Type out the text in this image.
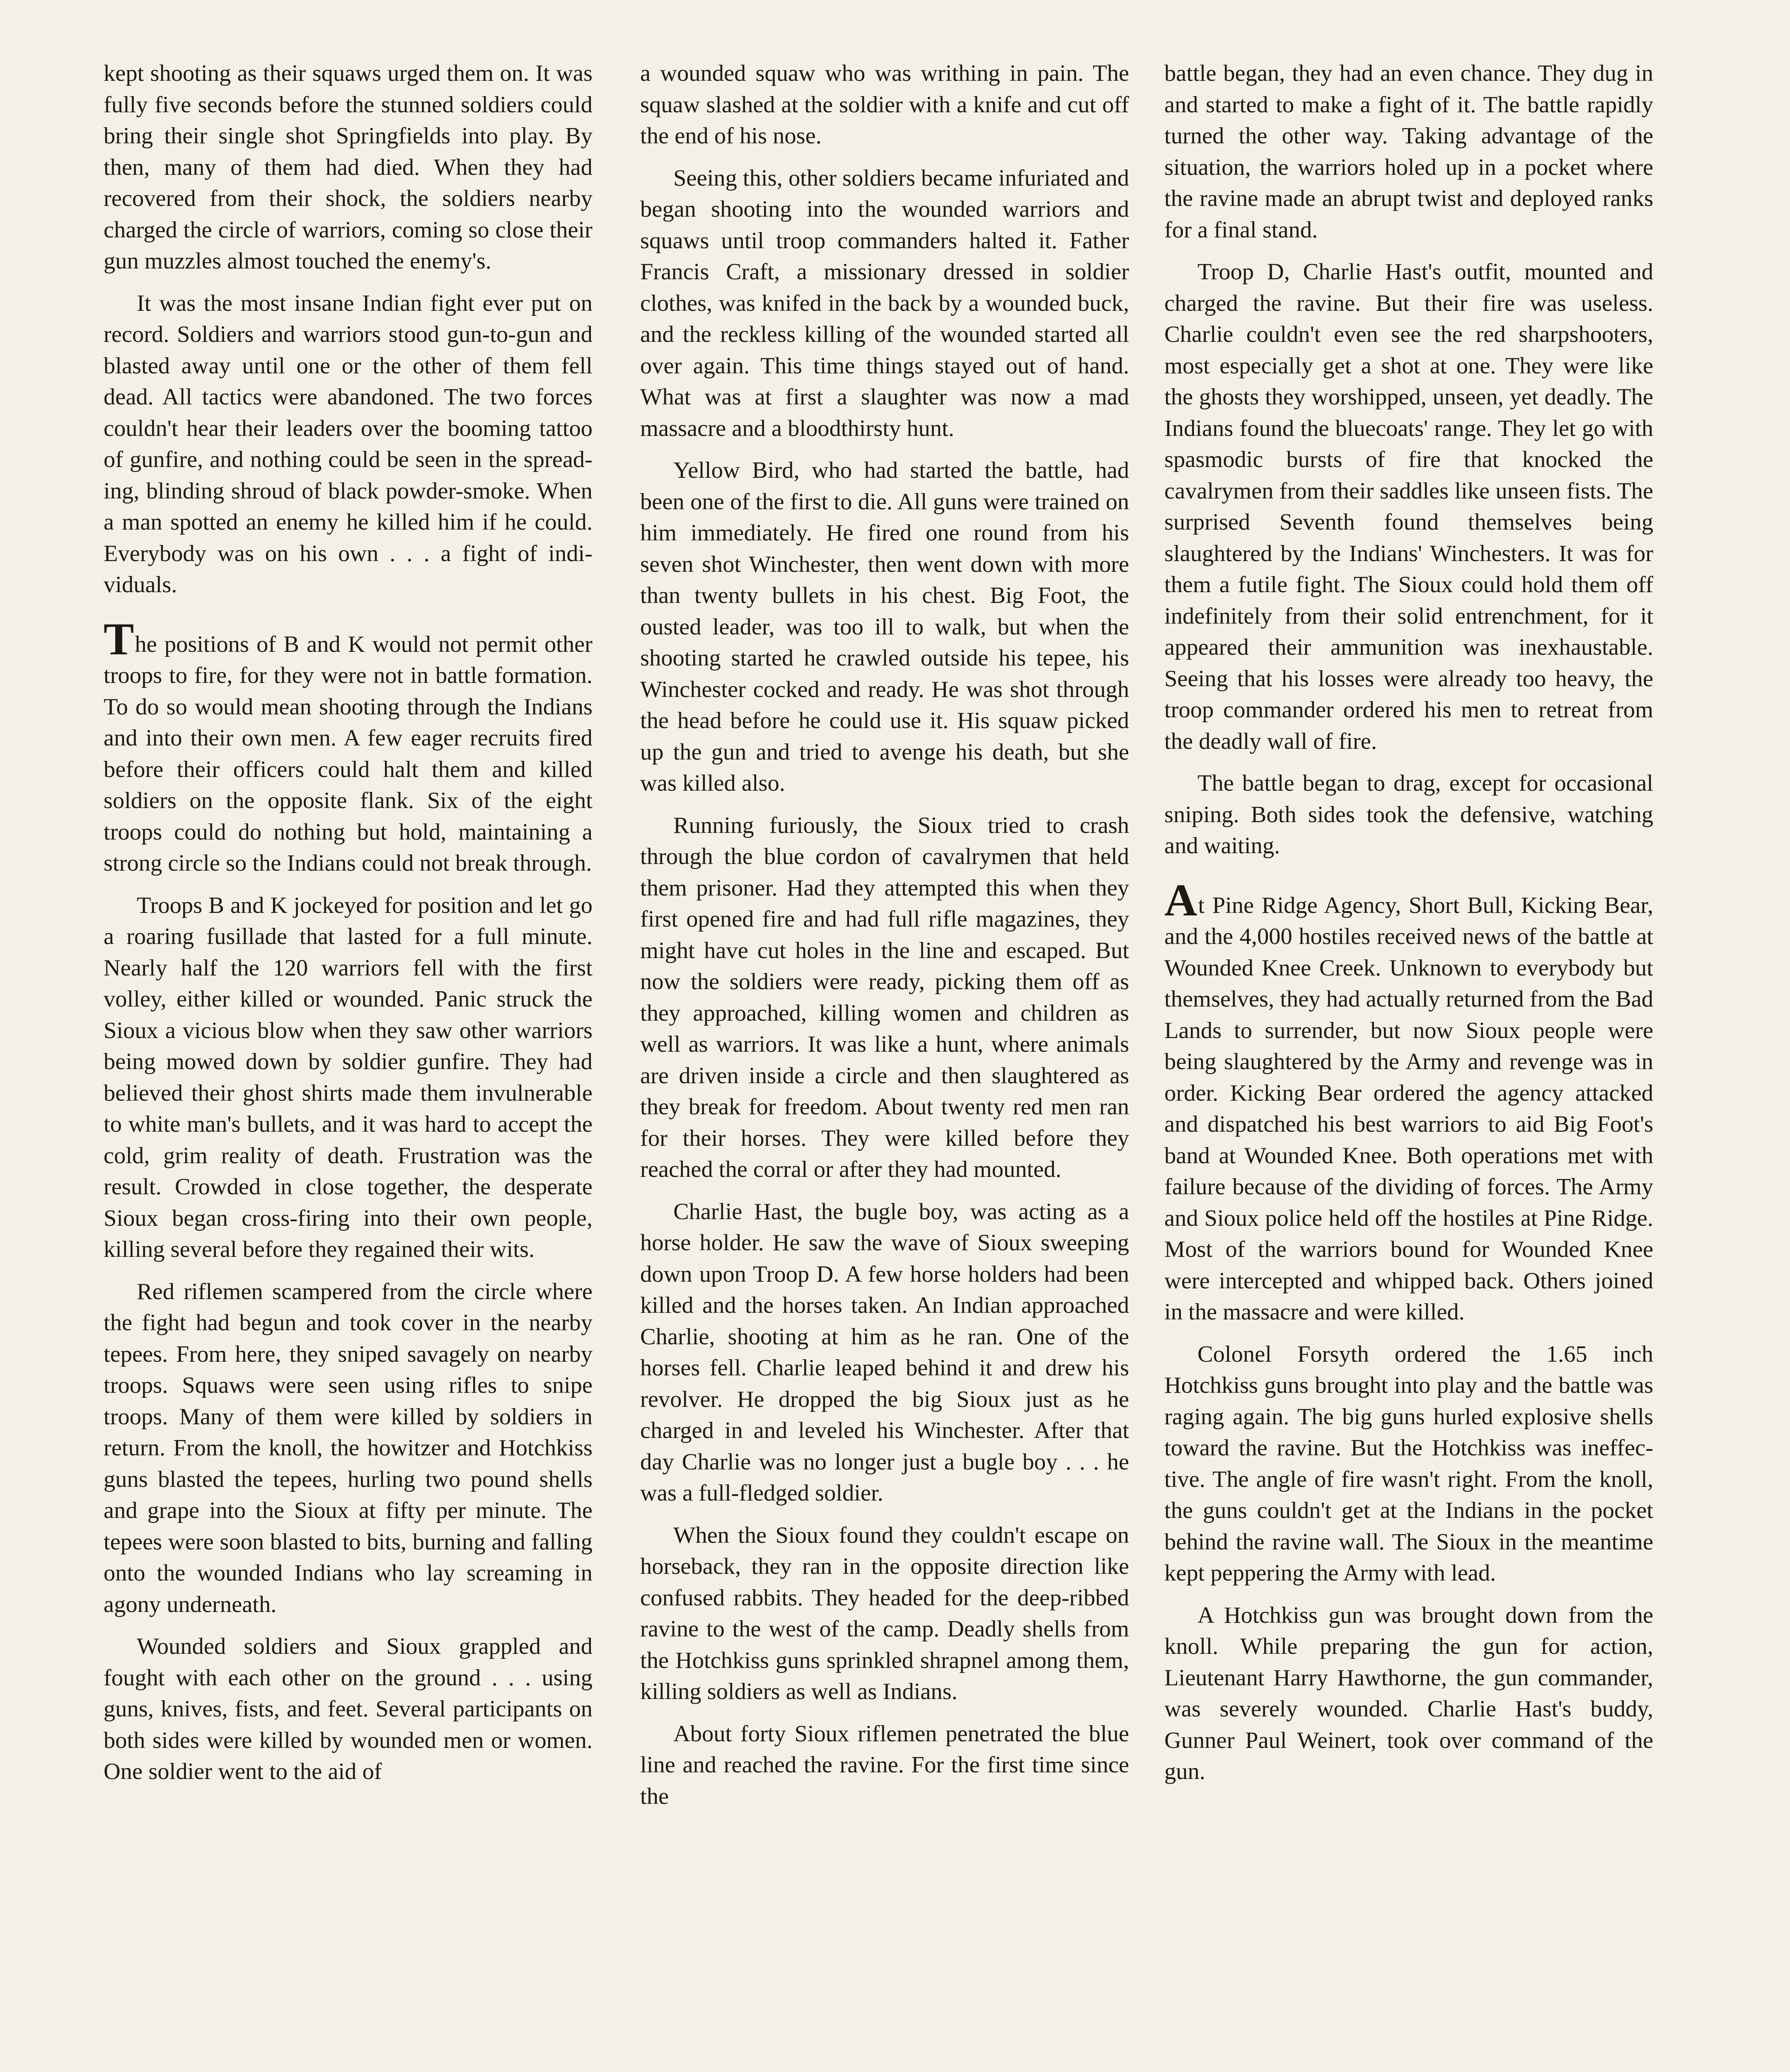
kept shooting as their squaws urged them on. It was fully five seconds before the stunned soldiers could bring their single shot Springfields into play. By then, many of them had died. When they had recovered from their shock, the soldiers nearby charged the circle of warriors, coming so close their gun muzzles almost touched the enemy's.

It was the most insane Indian fight ever put on record. Soldiers and warriors stood gun-to-gun and blasted away until one or the other of them fell dead. All tactics were abandoned. The two forces couldn't hear their leaders over the booming tattoo of gunfire, and nothing could be seen in the spreading, blinding shroud of black powder-smoke. When a man spotted an enemy he killed him if he could. Everybody was on his own . . . a fight of individuals.

The positions of B and K would not permit other troops to fire, for they were not in battle formation. To do so would mean shooting through the Indians and into their own men. A few eager recruits fired before their officers could halt them and killed soldiers on the opposite flank. Six of the eight troops could do nothing but hold, maintaining a strong circle so the Indians could not break through.

Troops B and K jockeyed for position and let go a roaring fusillade that lasted for a full minute. Nearly half the 120 warriors fell with the first volley, either killed or wounded. Panic struck the Sioux a vicious blow when they saw other warriors being mowed down by soldier gunfire. They had believed their ghost shirts made them invulnerable to white man's bullets, and it was hard to accept the cold, grim reality of death. Frustration was the result. Crowded in close together, the desperate Sioux began cross-firing into their own people, killing several before they regained their wits.

Red riflemen scampered from the circle where the fight had begun and took cover in the nearby tepees. From here, they sniped savagely on nearby troops. Squaws were seen using rifles to snipe troops. Many of them were killed by soldiers in return. From the knoll, the howitzer and Hotchkiss guns blasted the tepees, hurling two pound shells and grape into the Sioux at fifty per minute. The tepees were soon blasted to bits, burning and falling onto the wounded Indians who lay screaming in agony underneath.

Wounded soldiers and Sioux grappled and fought with each other on the ground . . . using guns, knives, fists, and feet. Several participants on both sides were killed by wounded men or women. One soldier went to the aid of

a wounded squaw who was writhing in pain. The squaw slashed at the soldier with a knife and cut off the end of his nose.

Seeing this, other soldiers became infuriated and began shooting into the wounded warriors and squaws until troop commanders halted it. Father Francis Craft, a missionary dressed in soldier clothes, was knifed in the back by a wounded buck, and the reckless killing of the wounded started all over again. This time things stayed out of hand. What was at first a slaughter was now a mad massacre and a bloodthirsty hunt.

Yellow Bird, who had started the battle, had been one of the first to die. All guns were trained on him immediately. He fired one round from his seven shot Winchester, then went down with more than twenty bullets in his chest. Big Foot, the ousted leader, was too ill to walk, but when the shooting started he crawled outside his tepee, his Winchester cocked and ready. He was shot through the head before he could use it. His squaw picked up the gun and tried to avenge his death, but she was killed also.

Running furiously, the Sioux tried to crash through the blue cordon of cavalrymen that held them prisoner. Had they attempted this when they first opened fire and had full rifle magazines, they might have cut holes in the line and escaped. But now the soldiers were ready, picking them off as they approached, killing women and children as well as warriors. It was like a hunt, where animals are driven inside a circle and then slaughtered as they break for freedom. About twenty red men ran for their horses. They were killed before they reached the corral or after they had mounted.

Charlie Hast, the bugle boy, was acting as a horse holder. He saw the wave of Sioux sweeping down upon Troop D. A few horse holders had been killed and the horses taken. An Indian approached Charlie, shooting at him as he ran. One of the horses fell. Charlie leaped behind it and drew his revolver. He dropped the big Sioux just as he charged in and leveled his Winchester. After that day Charlie was no longer just a bugle boy . . . he was a full-fledged soldier.

When the Sioux found they couldn't escape on horseback, they ran in the opposite direction like confused rabbits. They headed for the deep-ribbed ravine to the west of the camp. Deadly shells from the Hotchkiss guns sprinkled shrapnel among them, killing soldiers as well as Indians.

About forty Sioux riflemen penetrated the blue line and reached the ravine. For the first time since the

battle began, they had an even chance. They dug in and started to make a fight of it. The battle rapidly turned the other way. Taking advantage of the situation, the warriors holed up in a pocket where the ravine made an abrupt twist and deployed ranks for a final stand.

Troop D, Charlie Hast's outfit, mounted and charged the ravine. But their fire was useless. Charlie couldn't even see the red sharpshooters, most especially get a shot at one. They were like the ghosts they worshipped, unseen, yet deadly. The Indians found the bluecoats' range. They let go with spasmodic bursts of fire that knocked the cavalrymen from their saddles like unseen fists. The surprised Seventh found themselves being slaughtered by the Indians' Winchesters. It was for them a futile fight. The Sioux could hold them off indefinitely from their solid entrenchment, for it appeared their ammunition was inexhaustable. Seeing that his losses were already too heavy, the troop commander ordered his men to retreat from the deadly wall of fire.

The battle began to drag, except for occasional sniping. Both sides took the defensive, watching and waiting.

At Pine Ridge Agency, Short Bull, Kicking Bear, and the 4,000 hostiles received news of the battle at Wounded Knee Creek. Unknown to everybody but themselves, they had actually returned from the Bad Lands to surrender, but now Sioux people were being slaughtered by the Army and revenge was in order. Kicking Bear ordered the agency attacked and dispatched his best warriors to aid Big Foot's band at Wounded Knee. Both operations met with failure because of the dividing of forces. The Army and Sioux police held off the hostiles at Pine Ridge. Most of the warriors bound for Wounded Knee were intercepted and whipped back. Others joined in the massacre and were killed.

Colonel Forsyth ordered the 1.65 inch Hotchkiss guns brought into play and the battle was raging again. The big guns hurled explosive shells toward the ravine. But the Hotchkiss was ineffective. The angle of fire wasn't right. From the knoll, the guns couldn't get at the Indians in the pocket behind the ravine wall. The Sioux in the meantime kept peppering the Army with lead.

A Hotchkiss gun was brought down from the knoll. While preparing the gun for action, Lieutenant Harry Hawthorne, the gun commander, was severely wounded. Charlie Hast's buddy, Gunner Paul Weinert, took over command of the gun.
